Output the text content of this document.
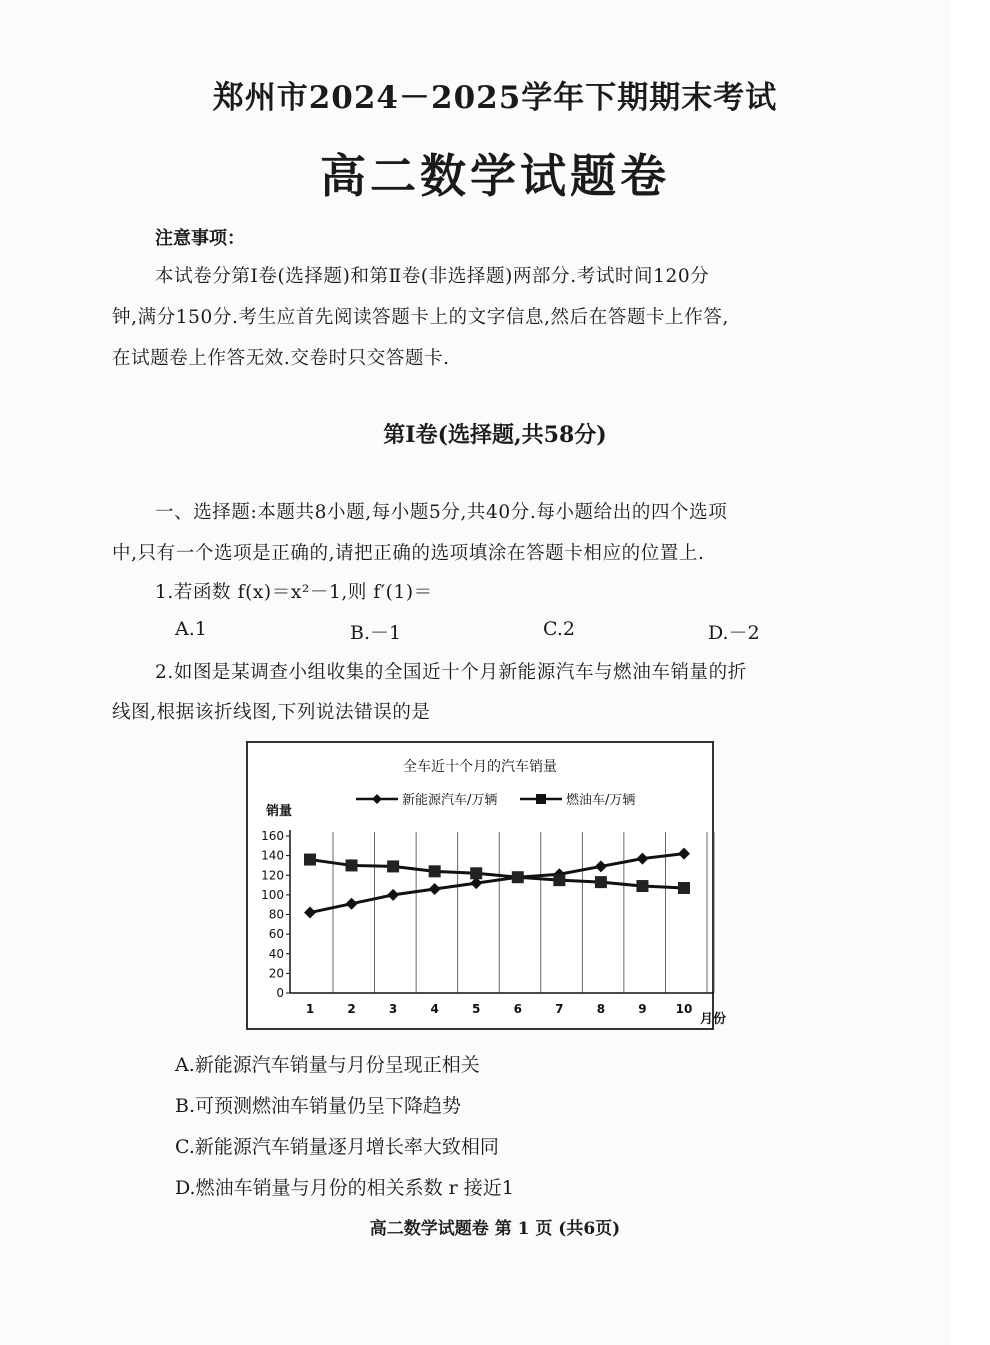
郑州市2024－2025学年下期期末考试
高二数学试题卷
注意事项：
本试卷分第Ⅰ卷(选择题)和第Ⅱ卷(非选择题)两部分.考试时间120分
钟,满分150分.考生应首先阅读答题卡上的文字信息,然后在答题卡上作答,
在试题卷上作答无效.交卷时只交答题卡.
第Ⅰ卷(选择题,共58分)
一、选择题:本题共8小题,每小题5分,共40分.每小题给出的四个选项
中,只有一个选项是正确的,请把正确的选项填涂在答题卡相应的位置上.
1.若函数 f(x)＝x²－1,则 f′(1)＝
A.1	B.－1	C.2	D.－2
2.如图是某调查小组收集的全国近十个月新能源汽车与燃油车销量的折
线图,根据该折线图,下列说法错误的是
全车近十个月的汽车销量
新能源汽车/万辆	燃油车/万辆
销量
0
20
40
60
80
100
120
140
160
1	2	3	4	5	6	7	8	9 10
月份
A.新能源汽车销量与月份呈现正相关
B.可预测燃油车销量仍呈下降趋势
C.新能源汽车销量逐月增长率大致相同
D.燃油车销量与月份的相关系数 r 接近1
高二数学试题卷 第 1 页 (共6页)
